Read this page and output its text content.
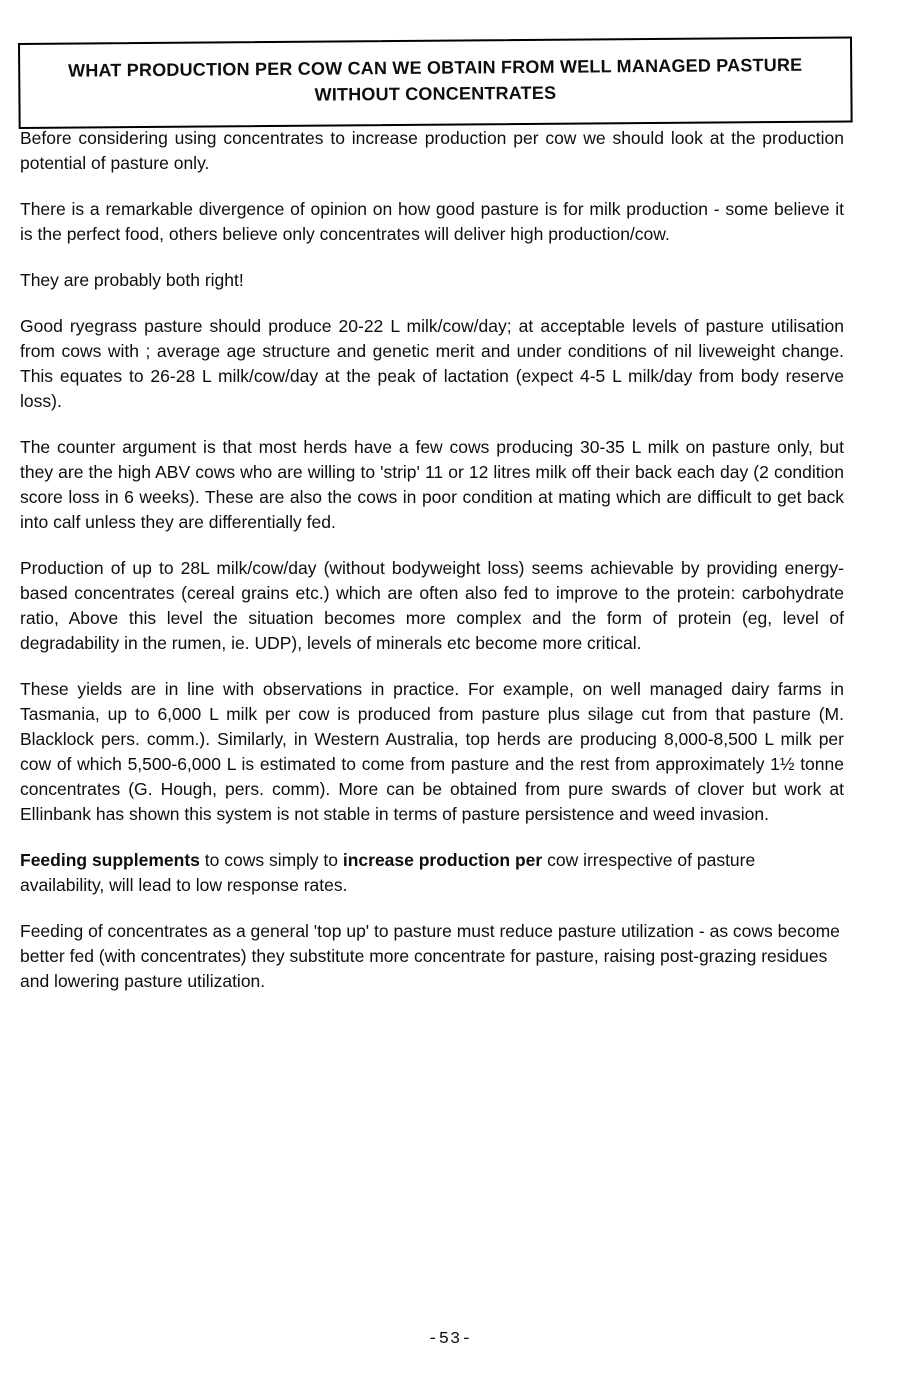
WHAT PRODUCTION PER COW CAN WE OBTAIN FROM WELL MANAGED PASTURE
WITHOUT CONCENTRATES

Before considering using concentrates to increase production per cow we should look at the production potential of pasture only.

There is a remarkable divergence of opinion on how good pasture is for milk production - some believe it is the perfect food, others believe only concentrates will deliver high production/cow.

They are probably both right!

Good ryegrass pasture should produce 20-22 L milk/cow/day; at acceptable levels of pasture utilisation from cows with ; average age structure and genetic merit and under conditions of nil liveweight change. This equates to 26-28 L milk/cow/day at the peak of lactation (expect 4-5 L milk/day from body reserve loss).

The counter argument is that most herds have a few cows producing 30-35 L milk on pasture only, but they are the high ABV cows who are willing to 'strip' 11 or 12 litres milk off their back each day (2 condition score loss in 6 weeks). These are also the cows in poor condition at mating which are difficult to get back into calf unless they are differentially fed.

Production of up to 28L milk/cow/day (without bodyweight loss) seems achievable by providing energy-based concentrates (cereal grains etc.) which are often also fed to improve to the protein: carbohydrate ratio, Above this level the situation becomes more complex and the form of protein (eg, level of degradability in the rumen, ie. UDP), levels of minerals etc become more critical.

These yields are in line with observations in practice. For example, on well managed dairy farms in Tasmania, up to 6,000 L milk per cow is produced from pasture plus silage cut from that pasture (M. Blacklock pers. comm.). Similarly, in Western Australia, top herds are producing 8,000-8,500 L milk per cow of which 5,500-6,000 L is estimated to come from pasture and the rest from approximately 1½ tonne concentrates (G. Hough, pers. comm). More can be obtained from pure swards of clover but work at Ellinbank has shown this system is not stable in terms of pasture persistence and weed invasion.

Feeding supplements to cows simply to increase production per cow irrespective of pasture availability, will lead to low response rates.

Feeding of concentrates as a general 'top up' to pasture must reduce pasture utilization - as cows become better fed (with concentrates) they substitute more concentrate for pasture, raising post-grazing residues and lowering pasture utilization.

-53-
